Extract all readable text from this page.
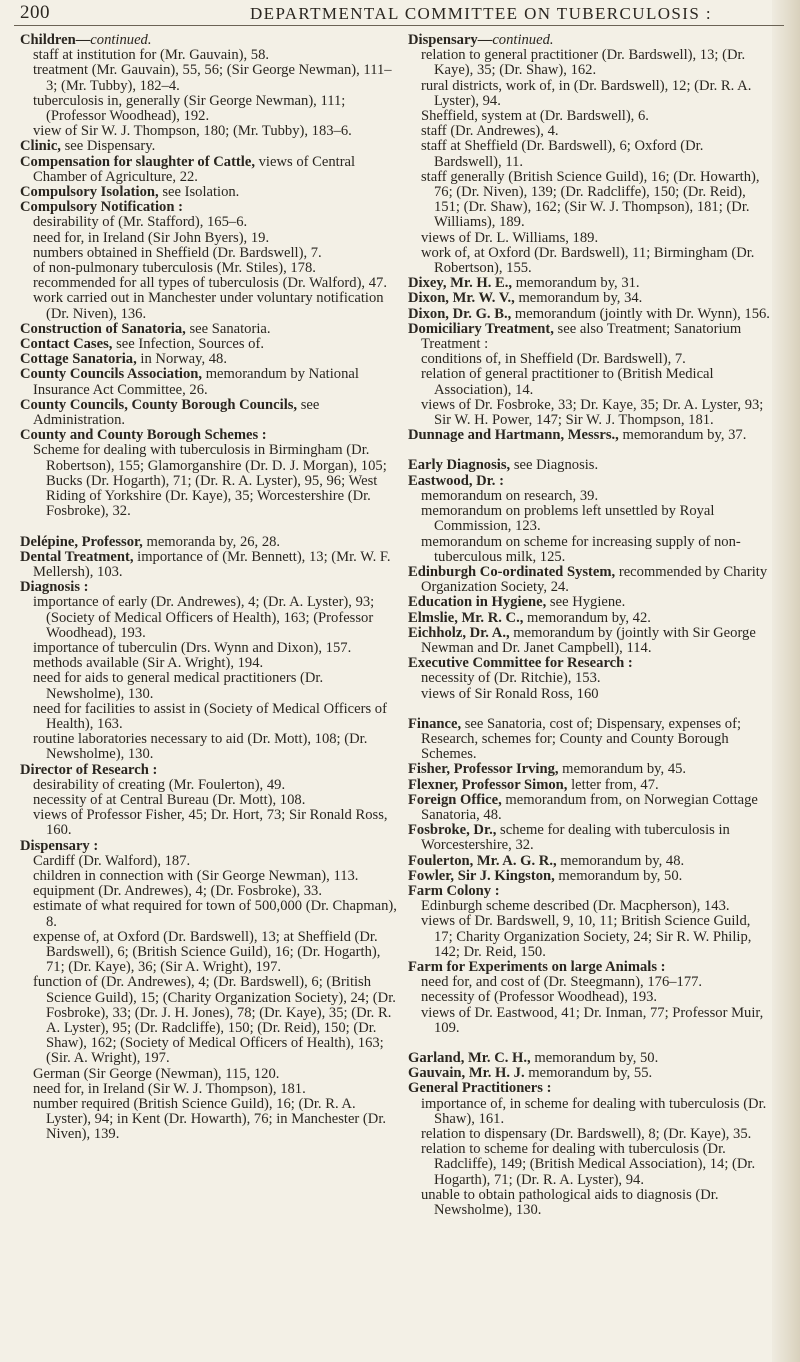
200	DEPARTMENTAL COMMITTEE ON TUBERCULOSIS :

Children—continued.

staff at institution for (Mr. Gauvain), 58.

treatment (Mr. Gauvain), 55, 56; (Sir George Newman), 111–3; (Mr. Tubby), 182–4.

tuberculosis in, generally (Sir George Newman), 111; (Professor Woodhead), 192.

view of Sir W. J. Thompson, 180; (Mr. Tubby), 183–6.

Clinic, see Dispensary.

Compensation for slaughter of Cattle, views of Central Chamber of Agriculture, 22.

Compulsory Isolation, see Isolation.

Compulsory Notification :

desirability of (Mr. Stafford), 165–6.

need for, in Ireland (Sir John Byers), 19.

numbers obtained in Sheffield (Dr. Bardswell), 7.

of non-pulmonary tuberculosis (Mr. Stiles), 178.

recommended for all types of tuberculosis (Dr. Walford), 47.

work carried out in Manchester under voluntary notification (Dr. Niven), 136.

Construction of Sanatoria, see Sanatoria.

Contact Cases, see Infection, Sources of.

Cottage Sanatoria, in Norway, 48.

County Councils Association, memorandum by National Insurance Act Committee, 26.

County Councils, County Borough Councils, see Administration.

County and County Borough Schemes :

Scheme for dealing with tuberculosis in Birmingham (Dr. Robertson), 155; Glamorganshire (Dr. D. J. Morgan), 105; Bucks (Dr. Hogarth), 71; (Dr. R. A. Lyster), 95, 96; West Riding of Yorkshire (Dr. Kaye), 35; Worcestershire (Dr. Fosbroke), 32.

Delépine, Professor, memoranda by, 26, 28.

Dental Treatment, importance of (Mr. Bennett), 13; (Mr. W. F. Mellersh), 103.

Diagnosis :

importance of early (Dr. Andrewes), 4; (Dr. A. Lyster), 93; (Society of Medical Officers of Health), 163; (Professor Woodhead), 193.

importance of tuberculin (Drs. Wynn and Dixon), 157.

methods available (Sir A. Wright), 194.

need for aids to general medical practitioners (Dr. Newsholme), 130.

need for facilities to assist in (Society of Medical Officers of Health), 163.

routine laboratories necessary to aid (Dr. Mott), 108; (Dr. Newsholme), 130.

Director of Research :

desirability of creating (Mr. Foulerton), 49.

necessity of at Central Bureau (Dr. Mott), 108.

views of Professor Fisher, 45; Dr. Hort, 73; Sir Ronald Ross, 160.

Dispensary :

Cardiff (Dr. Walford), 187.

children in connection with (Sir George Newman), 113.

equipment (Dr. Andrewes), 4; (Dr. Fosbroke), 33.

estimate of what required for town of 500,000 (Dr. Chapman), 8.

expense of, at Oxford (Dr. Bardswell), 13; at Sheffield (Dr. Bardswell), 6; (British Science Guild), 16; (Dr. Hogarth), 71; (Dr. Kaye), 36; (Sir A. Wright), 197.

function of (Dr. Andrewes), 4; (Dr. Bardswell), 6; (British Science Guild), 15; (Charity Organization Society), 24; (Dr. Fosbroke), 33; (Dr. J. H. Jones), 78; (Dr. Kaye), 35; (Dr. R. A. Lyster), 95; (Dr. Radcliffe), 150; (Dr. Reid), 150; (Dr. Shaw), 162; (Society of Medical Officers of Health), 163; (Sir. A. Wright), 197.

German (Sir George (Newman), 115, 120.

need for, in Ireland (Sir W. J. Thompson), 181.

number required (British Science Guild), 16; (Dr. R. A. Lyster), 94; in Kent (Dr. Howarth), 76; in Manchester (Dr. Niven), 139.

Dispensary—continued.

relation to general practitioner (Dr. Bardswell), 13; (Dr. Kaye), 35; (Dr. Shaw), 162.

rural districts, work of, in (Dr. Bardswell), 12; (Dr. R. A. Lyster), 94.

Sheffield, system at (Dr. Bardswell), 6.

staff (Dr. Andrewes), 4.

staff at Sheffield (Dr. Bardswell), 6; Oxford (Dr. Bardswell), 11.

staff generally (British Science Guild), 16; (Dr. Howarth), 76; (Dr. Niven), 139; (Dr. Radcliffe), 150; (Dr. Reid), 151; (Dr. Shaw), 162; (Sir W. J. Thompson), 181; (Dr. Williams), 189.

views of Dr. L. Williams, 189.

work of, at Oxford (Dr. Bardswell), 11; Birmingham (Dr. Robertson), 155.

Dixey, Mr. H. E., memorandum by, 31.

Dixon, Mr. W. V., memorandum by, 34.

Dixon, Dr. G. B., memorandum (jointly with Dr. Wynn), 156.

Domiciliary Treatment, see also Treatment; Sanatorium Treatment :

conditions of, in Sheffield (Dr. Bardswell), 7.

relation of general practitioner to (British Medical Association), 14.

views of Dr. Fosbroke, 33; Dr. Kaye, 35; Dr. A. Lyster, 93; Sir W. H. Power, 147; Sir W. J. Thompson, 181.

Dunnage and Hartmann, Messrs., memorandum by, 37.

Early Diagnosis, see Diagnosis.

Eastwood, Dr. :

memorandum on research, 39.

memorandum on problems left unsettled by Royal Commission, 123.

memorandum on scheme for increasing supply of non-tuberculous milk, 125.

Edinburgh Co-ordinated System, recommended by Charity Organization Society, 24.

Education in Hygiene, see Hygiene.

Elmslie, Mr. R. C., memorandum by, 42.

Eichholz, Dr. A., memorandum by (jointly with Sir George Newman and Dr. Janet Campbell), 114.

Executive Committee for Research :

necessity of (Dr. Ritchie), 153.

views of Sir Ronald Ross, 160

Finance, see Sanatoria, cost of; Dispensary, expenses of; Research, schemes for; County and County Borough Schemes.

Fisher, Professor Irving, memorandum by, 45.

Flexner, Professor Simon, letter from, 47.

Foreign Office, memorandum from, on Norwegian Cottage Sanatoria, 48.

Fosbroke, Dr., scheme for dealing with tuberculosis in Worcestershire, 32.

Foulerton, Mr. A. G. R., memorandum by, 48.

Fowler, Sir J. Kingston, memorandum by, 50.

Farm Colony :

Edinburgh scheme described (Dr. Macpherson), 143.

views of Dr. Bardswell, 9, 10, 11; British Science Guild, 17; Charity Organization Society, 24; Sir R. W. Philip, 142; Dr. Reid, 150.

Farm for Experiments on large Animals :

need for, and cost of (Dr. Steegmann), 176–177.

necessity of (Professor Woodhead), 193.

views of Dr. Eastwood, 41; Dr. Inman, 77; Professor Muir, 109.

Garland, Mr. C. H., memorandum by, 50.

Gauvain, Mr. H. J. memorandum by, 55.

General Practitioners :

importance of, in scheme for dealing with tuberculosis (Dr. Shaw), 161.

relation to dispensary (Dr. Bardswell), 8; (Dr. Kaye), 35.

relation to scheme for dealing with tuberculosis (Dr. Radcliffe), 149; (British Medical Association), 14; (Dr. Hogarth), 71; (Dr. R. A. Lyster), 94.

unable to obtain pathological aids to diagnosis (Dr. Newsholme), 130.
